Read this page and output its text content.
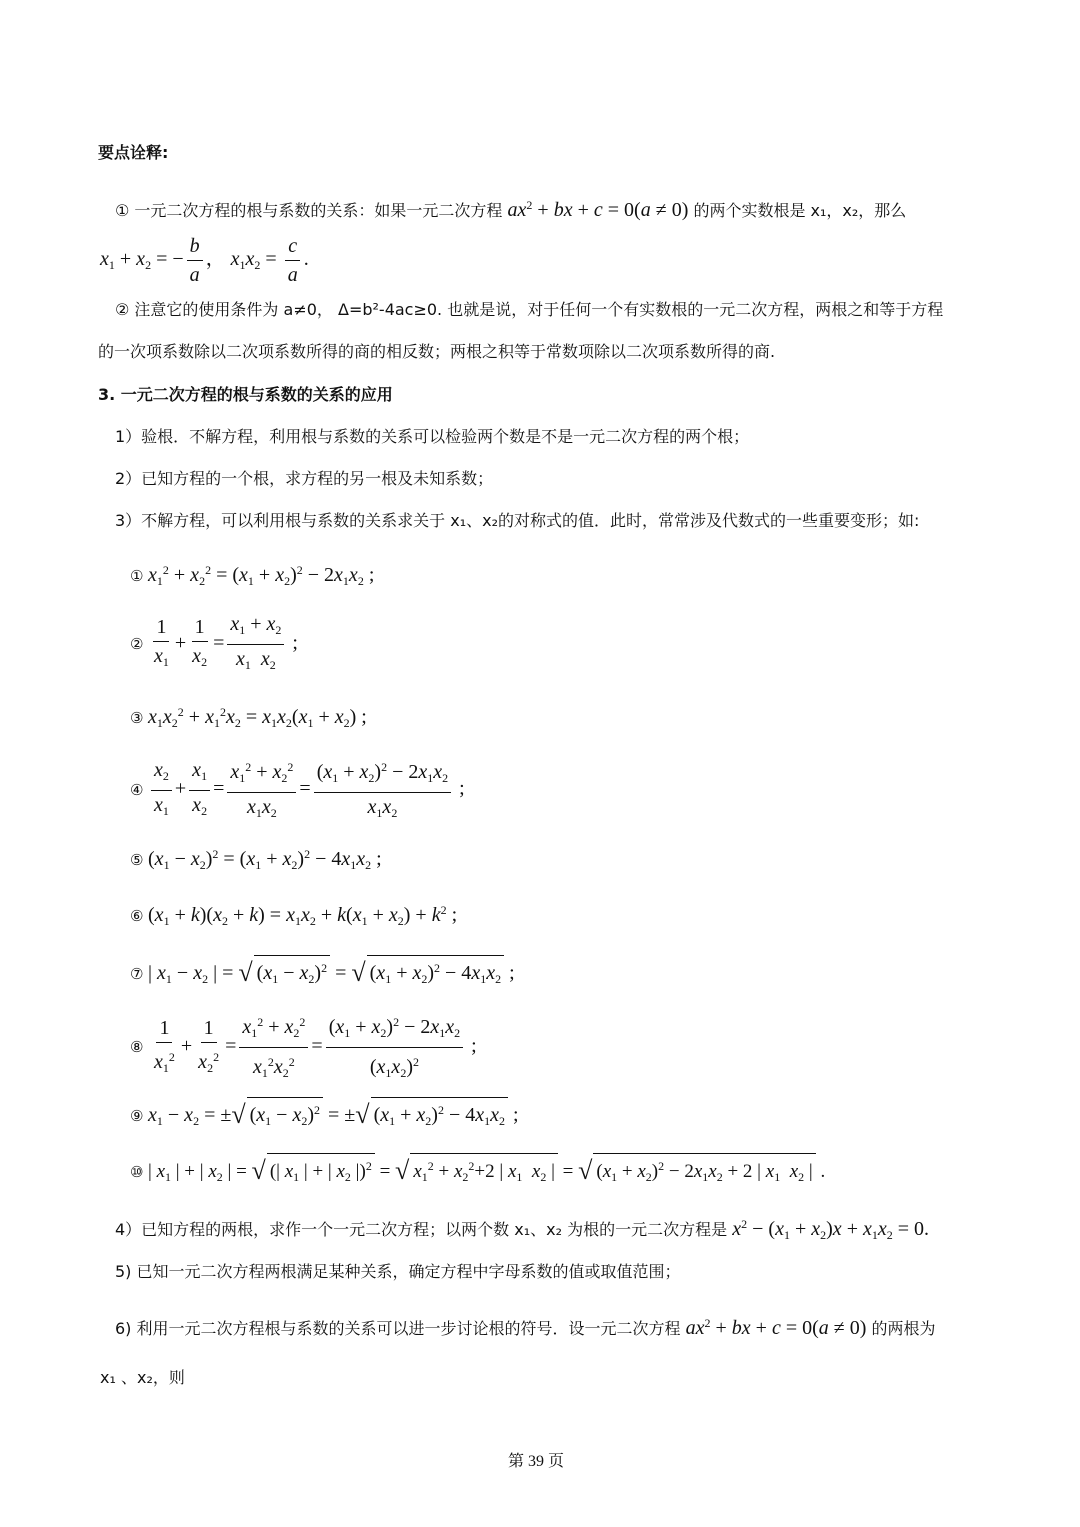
要点诠释:
① 一元二次方程的根与系数的关系：如果一元二次方程 $ax^2$ + bx + c = 0(a ≠ 0) 的两个实数根是 x₁，x₂，那么
$x_1 + x_2$ = − $\frac{b}{a}$ ， $x_1x_2 = \frac{c}{a}$ .
② 注意它的使用条件为 a≠0， Δ=b²-4ac≥0. 也就是说，对于任何一个有实数根的一元二次方程，两根之和等于方程
的一次项系数除以二次项系数所得的商的相反数；两根之积等于常数项除以二次项系数所得的商.
3. 一元二次方程的根与系数的关系的应用
1）验根．不解方程，利用根与系数的关系可以检验两个数是不是一元二次方程的两个根；
2）已知方程的一个根，求方程的另一根及未知系数；
3）不解方程，可以利用根与系数的关系求关于 x₁、x₂的对称式的值．此时，常常涉及代数式的一些重要变形；如:
① $x_1^2 + x_2^2 = (x_1 + x_2)^2 - 2x_1x_2$ ;
② $\frac{1}{x_1} + \frac{1}{x_2} = \frac{x_1 + x_2}{x_1 x_2}$ ;
③ $x_1x_2^2 + x_1^2x_2 = x_1x_2(x_1 + x_2)$ ;
④ $\frac{x_2}{x_1} + \frac{x_1}{x_2} = \frac{x_1^2 + x_2^2}{x_1x_2} = \frac{(x_1 + x_2)^2 - 2x_1x_2}{x_1x_2}$ ;
⑤ $(x_1 - x_2)^2 = (x_1 + x_2)^2 - 4x_1x_2$ ;
⑥ $(x_1 + k)(x_2 + k) = x_1x_2 + k(x_1 + x_2) + k^2$ ;
⑦ | $x_1 - x_2$ | = √ $(x_1 - x_2)^2$ = √ $(x_1 + x_2)^2 - 4x_1x_2$ ;
⑧ $\frac{1}{x_1^2} + \frac{1}{x_2^2} = \frac{x_1^2 + x_2^2}{x_1^2x_2^2} = \frac{(x_1 + x_2)^2 - 2x_1x_2}{(x_1x_2)^2}$ ;
⑨ $x_1 - x_2$ = ±√ $(x_1 - x_2)^2$ = ±√ $(x_1 + x_2)^2 - 4x_1x_2$ ;
⑩ | $x_1$ | + | $x_2$ | = √ (| $x_1$ | + | $x_2$ |)$^2$ = √ $x_1^2 + x_2^2+2$ | $x_1$ $x_2$ | = √ $(x_1 + x_2)^2 - 2x_1x_2 + 2$ | $x_1$ $x_2$ | .
4）已知方程的两根，求作一个一元二次方程；以两个数 x₁、x₂ 为根的一元二次方程是 $x^2 - (x_1 + x_2)x + x_1x_2 = 0$.
5) 已知一元二次方程两根满足某种关系，确定方程中字母系数的值或取值范围；
6) 利用一元二次方程根与系数的关系可以进一步讨论根的符号．设一元二次方程 $ax^2$ + bx + c = 0(a ≠ 0) 的两根为
x₁ 、x₂，则
第 39 页
